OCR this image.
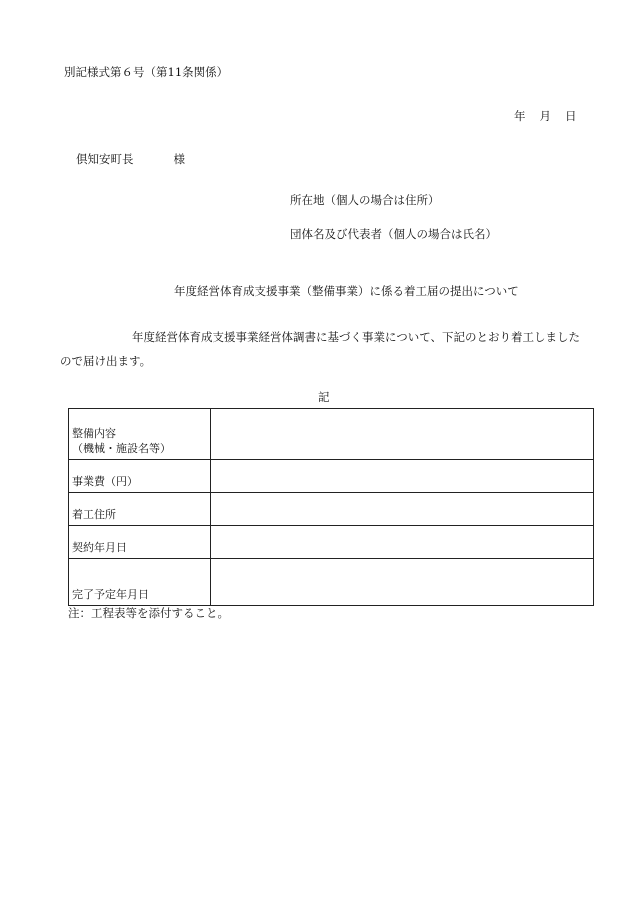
別記様式第６号（第11条関係）
年 月 日
倶知安町長	様
所在地（個人の場合は住所）
団体名及び代表者（個人の場合は氏名）
年度経営体育成支援事業（整備事業）に係る着工届の提出について
年度経営体育成支援事業経営体調書に基づく事業について、下記のとおり着工しましたので届け出ます。
記
整備内容
（機械・施設名等）	

事業費（円）	
着工住所	
契約年月日	
完了予定年月日	
注：工程表等を添付すること。
